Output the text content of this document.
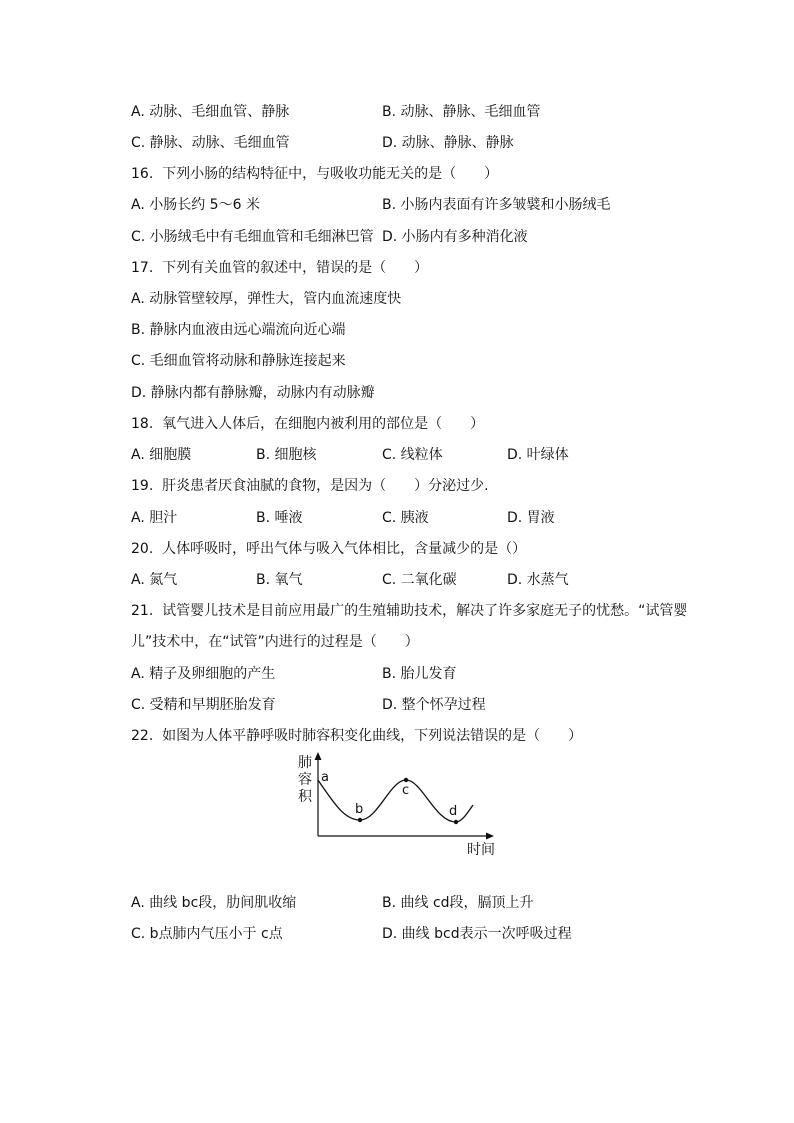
A. 动脉、毛细血管、静脉	B. 动脉、静脉、毛细血管
C. 静脉、动脉、毛细血管	D. 动脉、静脉、静脉
16.  下列小肠的结构特征中，与吸收功能无关的是（　　）
A. 小肠长约 5～6 米	B. 小肠内表面有许多皱襞和小肠绒毛
C. 小肠绒毛中有毛细血管和毛细淋巴管 D. 小肠内有多种消化液
17.  下列有关血管的叙述中，错误的是（　　）
A. 动脉管壁较厚，弹性大，管内血流速度快
B. 静脉内血液由远心端流向近心端
C. 毛细血管将动脉和静脉连接起来
D. 静脉内都有静脉瓣，动脉内有动脉瓣
18.  氧气进入人体后，在细胞内被利用的部位是（　　）
A. 细胞膜	B. 细胞核	C. 线粒体	D. 叶绿体
19.  肝炎患者厌食油腻的食物，是因为（　　）分泌过少.
A. 胆汁	B. 唾液	C. 胰液	D. 胃液
20.  人体呼吸时，呼出气体与吸入气体相比，含量减少的是（）
A. 氮气	B. 氧气	C. 二氧化碳	D. 水蒸气
21.  试管婴儿技术是目前应用最广的生殖辅助技术，解决了许多家庭无子的忧愁。“试管婴
儿”技术中，在“试管”内进行的过程是（　　）
A. 精子及卵细胞的产生	B. 胎儿发育
C. 受精和早期胚胎发育	D. 整个怀孕过程
22.  如图为人体平静呼吸时肺容积变化曲线，下列说法错误的是（　　）
肺
容
积
时间
a
b
c
d
A. 曲线 bc段，肋间肌收缩	B. 曲线 cd段，膈顶上升
C. b点肺内气压小于 c点	D. 曲线 bcd表示一次呼吸过程
